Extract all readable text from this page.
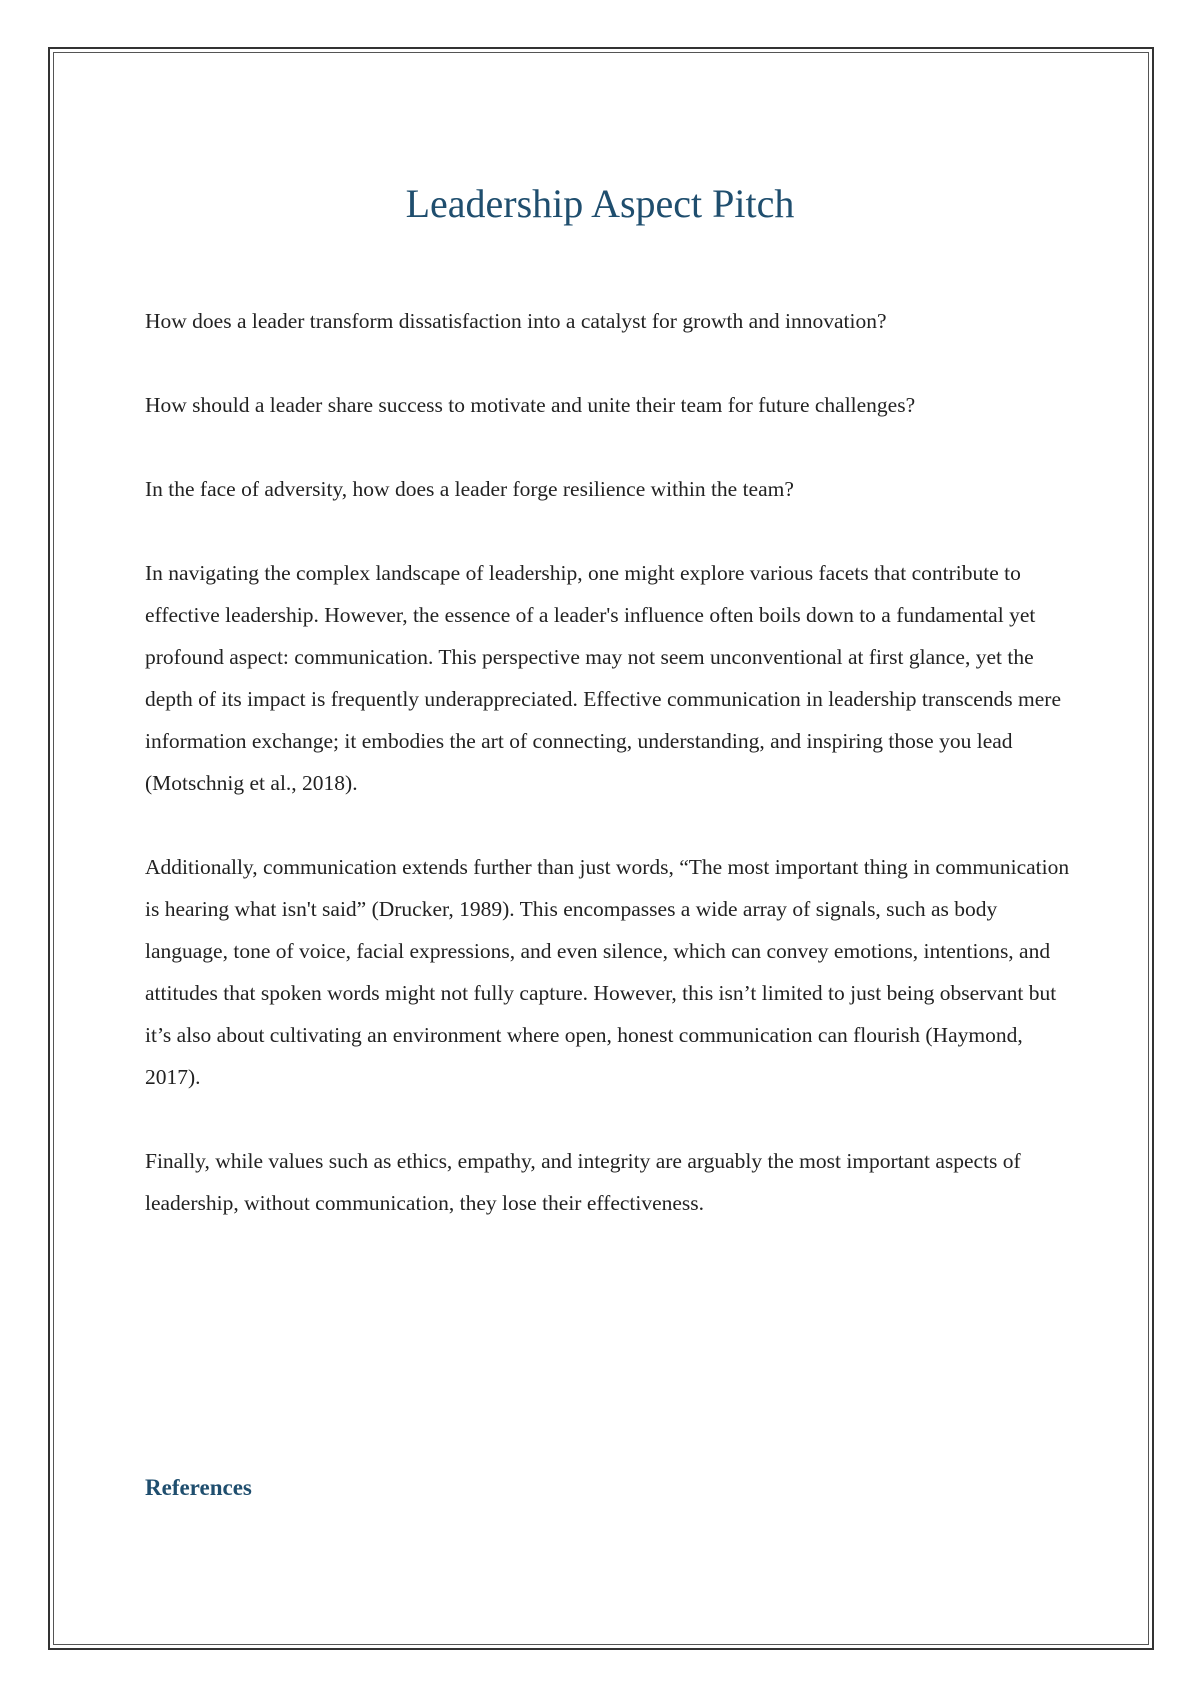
Leadership Aspect Pitch

How does a leader transform dissatisfaction into a catalyst for growth and innovation?

How should a leader share success to motivate and unite their team for future challenges?

In the face of adversity, how does a leader forge resilience within the team?

In navigating the complex landscape of leadership, one might explore various facets that contribute to effective leadership. However, the essence of a leader's influence often boils down to a fundamental yet profound aspect: communication. This perspective may not seem unconventional at first glance, yet the depth of its impact is frequently underappreciated. Effective communication in leadership transcends mere information exchange; it embodies the art of connecting, understanding, and inspiring those you lead (Motschnig et al., 2018).

Additionally, communication extends further than just words, “The most important thing in communication is hearing what isn't said” (Drucker, 1989). This encompasses a wide array of signals, such as body language, tone of voice, facial expressions, and even silence, which can convey emotions, intentions, and attitudes that spoken words might not fully capture. However, this isn’t limited to just being observant but it’s also about cultivating an environment where open, honest communication can flourish (Haymond, 2017).

Finally, while values such as ethics, empathy, and integrity are arguably the most important aspects of leadership, without communication, they lose their effectiveness.

References
